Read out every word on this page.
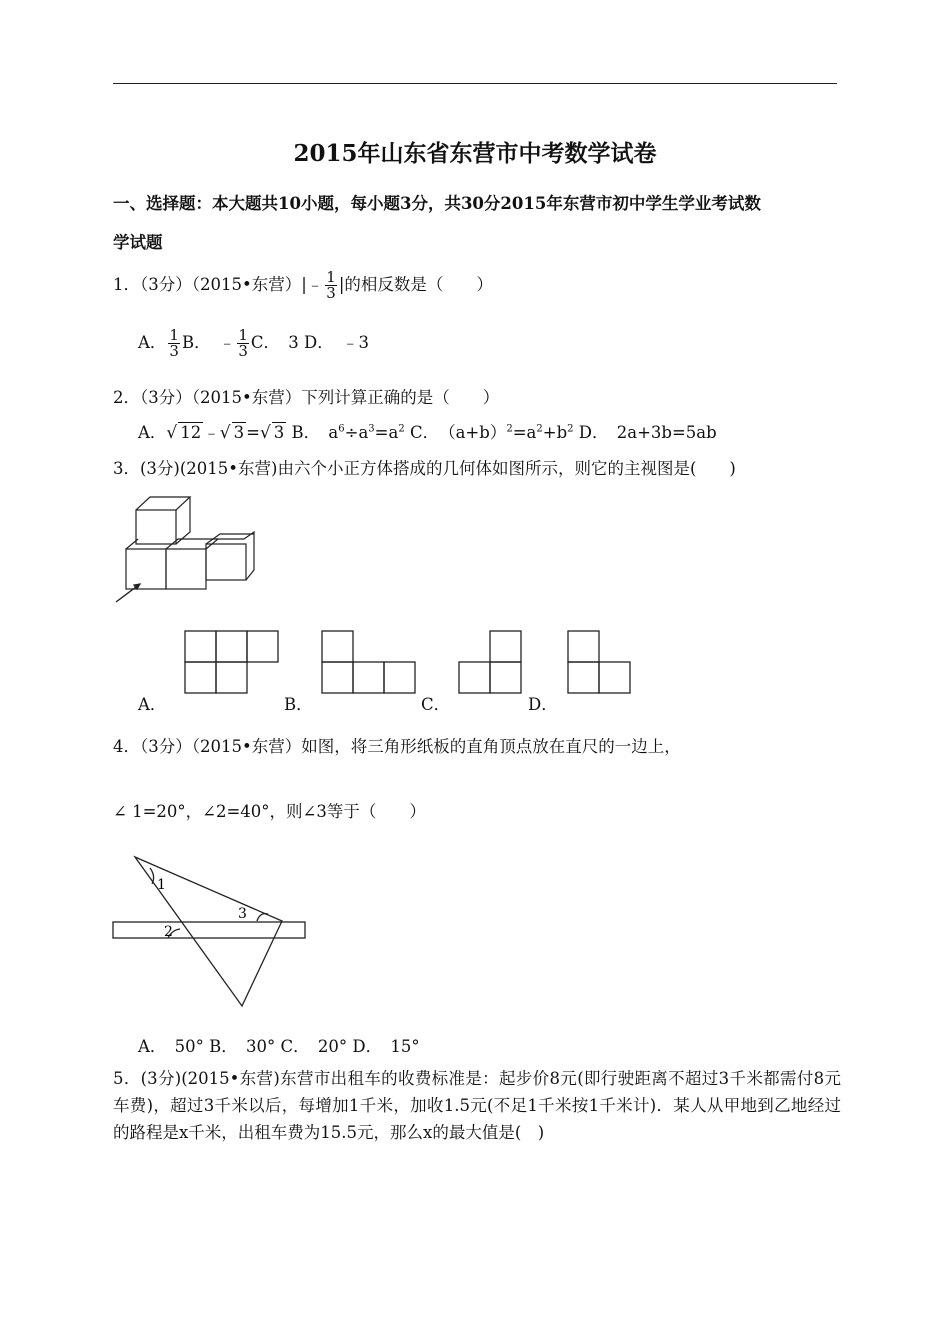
2015年山东省东营市中考数学试卷
一、选择题：本大题共10小题，每小题3分，共30分2015年东营市初中学生学业考试数
学试题
1．（3分）（2015•东营）|﹣ $\frac{1}{3}$ |的相反数是（　　）
A． $\frac{1}{3}$ B．　﹣ $\frac{1}{3}$ C．　3 D．　﹣3
2．（3分）（2015•东营）下列计算正确的是（　　）
A．√ 12 ﹣√ 3 =√ 3 B．　$a^6\div a^3=a^2$ C．　$(a+b)^2=a^2+b^2$ D．　2a+3b=5ab
3．(3分)(2015•东营)由六个小正方体搭成的几何体如图所示，则它的主视图是(　　)
A．	B．	C．	D．
4．（3分）（2015•东营）如图，将三角形纸板的直角顶点放在直尺的一边上，
∠ 1=20°，∠2=40°，则∠3等于（　　）
1
2
3
A．　50° B．　30° C．　20° D．　15°
5．(3分)(2015•东营)东营市出租车的收费标准是：起步价8元(即行驶距离不超过3千米都需付8元车费)，超过3千米以后，每增加1千米，加收1.5元(不足1千米按1千米计)．某人从甲地到乙地经过的路程是x千米，出租车费为15.5元，那么x的最大值是(　)
